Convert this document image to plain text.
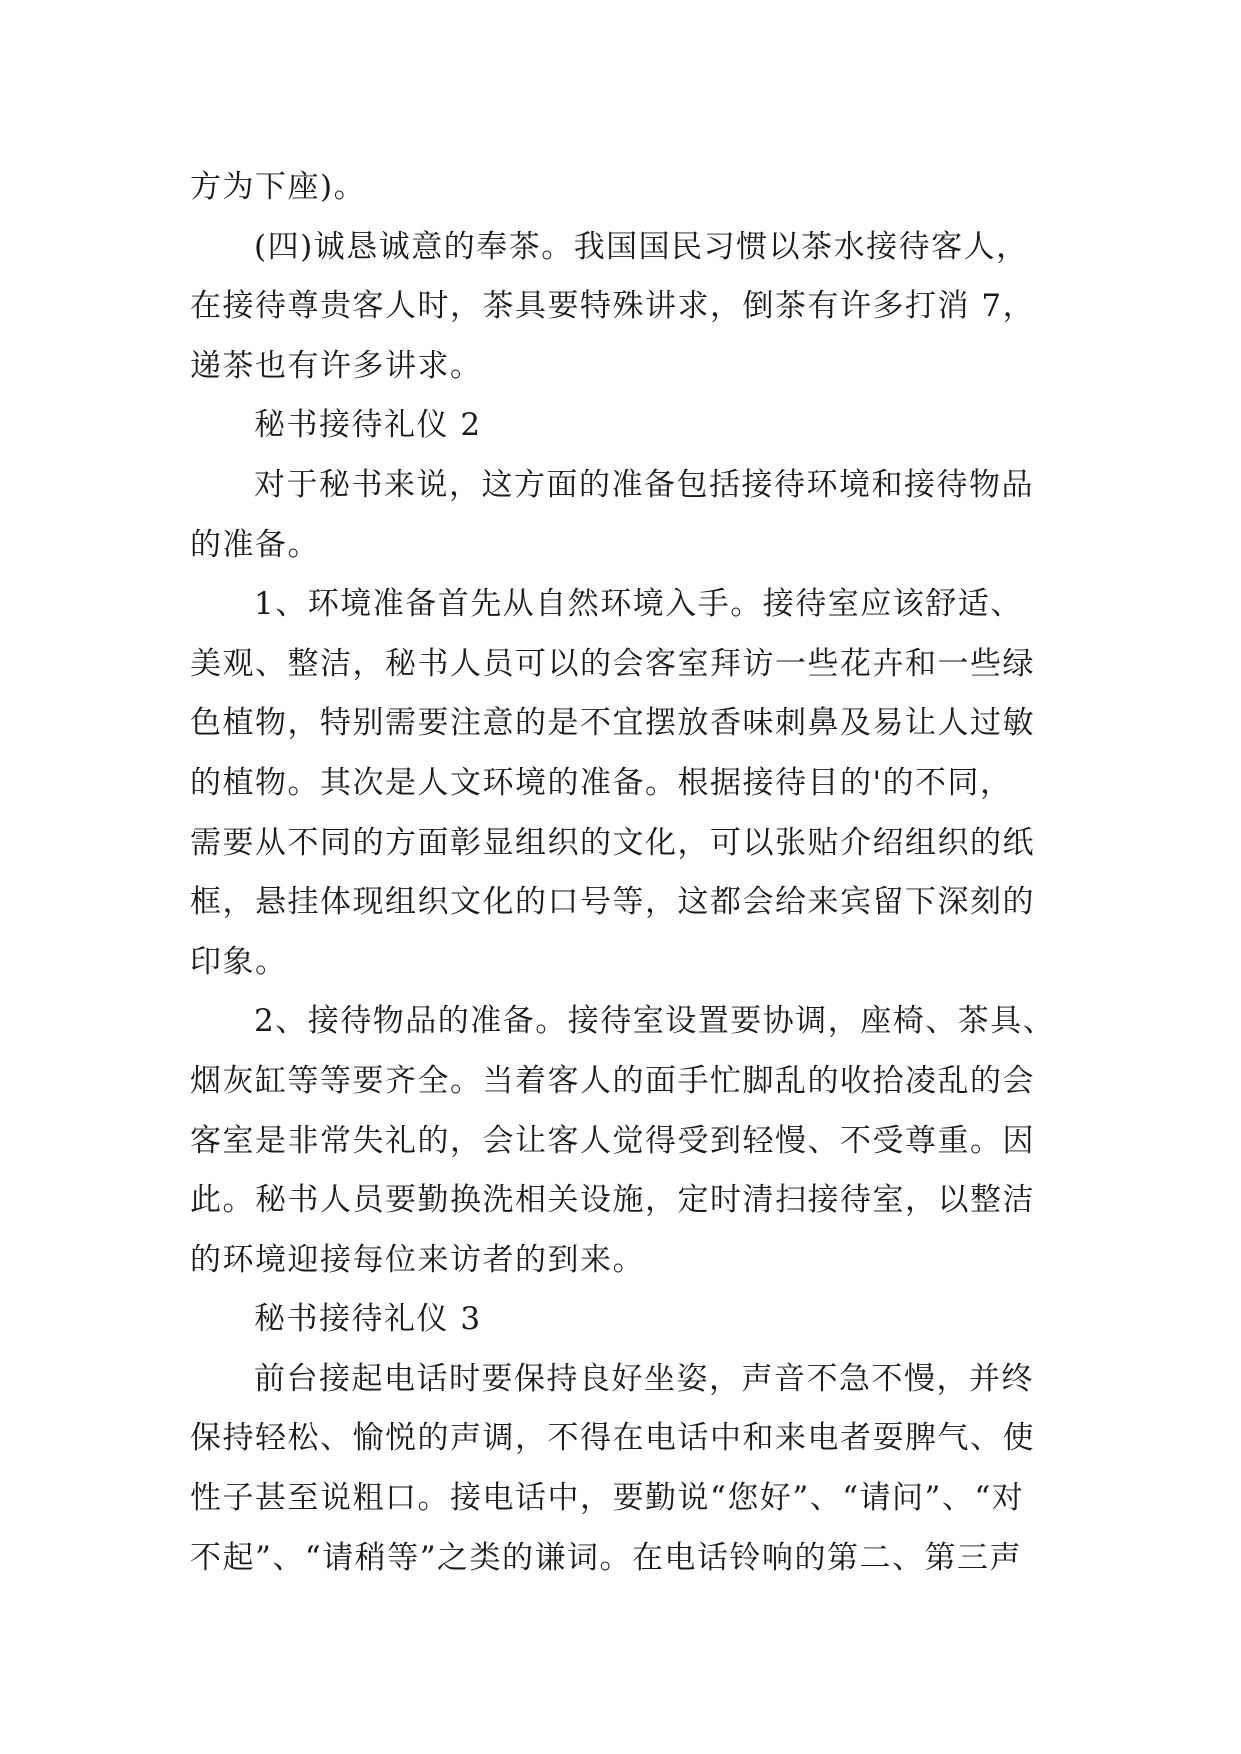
方为下座)。
(四)诚恳诚意的奉茶。我国国民习惯以茶水接待客人，
在接待尊贵客人时，茶具要特殊讲求，倒茶有许多打消 7，
递茶也有许多讲求。
秘书接待礼仪 2
对于秘书来说，这方面的准备包括接待环境和接待物品
的准备。
1、环境准备首先从自然环境入手。接待室应该舒适、
美观、整洁，秘书人员可以的会客室拜访一些花卉和一些绿
色植物，特别需要注意的是不宜摆放香味刺鼻及易让人过敏
的植物。其次是人文环境的准备。根据接待目的'的不同，
需要从不同的方面彰显组织的文化，可以张贴介绍组织的纸
框，悬挂体现组织文化的口号等，这都会给来宾留下深刻的
印象。
2、接待物品的准备。接待室设置要协调，座椅、茶具、
烟灰缸等等要齐全。当着客人的面手忙脚乱的收拾凌乱的会
客室是非常失礼的，会让客人觉得受到轻慢、不受尊重。因
此。秘书人员要勤换洗相关设施，定时清扫接待室，以整洁
的环境迎接每位来访者的到来。
秘书接待礼仪 3
前台接起电话时要保持良好坐姿，声音不急不慢，并终
保持轻松、愉悦的声调，不得在电话中和来电者耍脾气、使
性子甚至说粗口。接电话中，要勤说“您好”、“请问”、“对
不起”、“请稍等”之类的谦词。在电话铃响的第二、第三声
